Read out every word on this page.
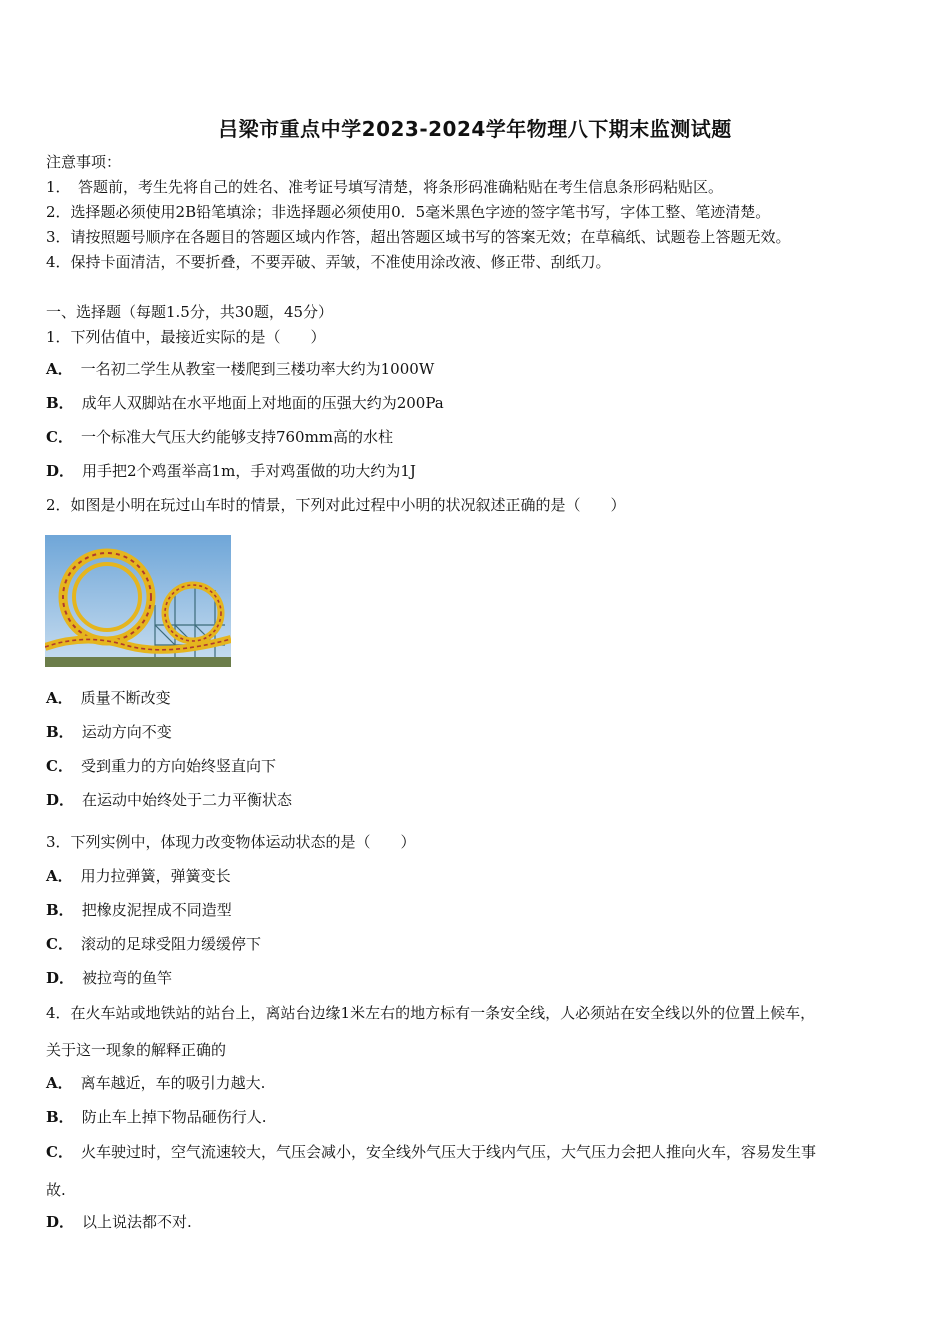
吕梁市重点中学2023-2024学年物理八下期末监测试题
注意事项：
1．　答题前，考生先将自己的姓名、准考证号填写清楚，将条形码准确粘贴在考生信息条形码粘贴区。
2．选择题必须使用2B铅笔填涂；非选择题必须使用0．5毫米黑色字迹的签字笔书写，字体工整、笔迹清楚。
3．请按照题号顺序在各题目的答题区域内作答，超出答题区域书写的答案无效；在草稿纸、试题卷上答题无效。
4．保持卡面清洁，不要折叠，不要弄破、弄皱，不准使用涂改液、修正带、刮纸刀。
一、选择题（每题1.5分，共30题，45分）
1．下列估值中，最接近实际的是（　　）
A． 一名初二学生从教室一楼爬到三楼功率大约为1000W
B． 成年人双脚站在水平地面上对地面的压强大约为200Pa
C． 一个标准大气压大约能够支持760mm高的水柱
D． 用手把2个鸡蛋举高1m，手对鸡蛋做的功大约为1J
2．如图是小明在玩过山车时的情景，下列对此过程中小明的状况叙述正确的是（　　）
A． 质量不断改变
B． 运动方向不变
C． 受到重力的方向始终竖直向下
D． 在运动中始终处于二力平衡状态
3．下列实例中，体现力改变物体运动状态的是（　　）
A． 用力拉弹簧，弹簧变长
B． 把橡皮泥捏成不同造型
C． 滚动的足球受阻力缓缓停下
D． 被拉弯的鱼竿
4．在火车站或地铁站的站台上，离站台边缘1米左右的地方标有一条安全线，人必须站在安全线以外的位置上候车，
关于这一现象的解释正确的
A． 离车越近，车的吸引力越大.
B． 防止车上掉下物品砸伤行人.
C． 火车驶过时，空气流速较大，气压会减小，安全线外气压大于线内气压，大气压力会把人推向火车，容易发生事
故.
D． 以上说法都不对.
